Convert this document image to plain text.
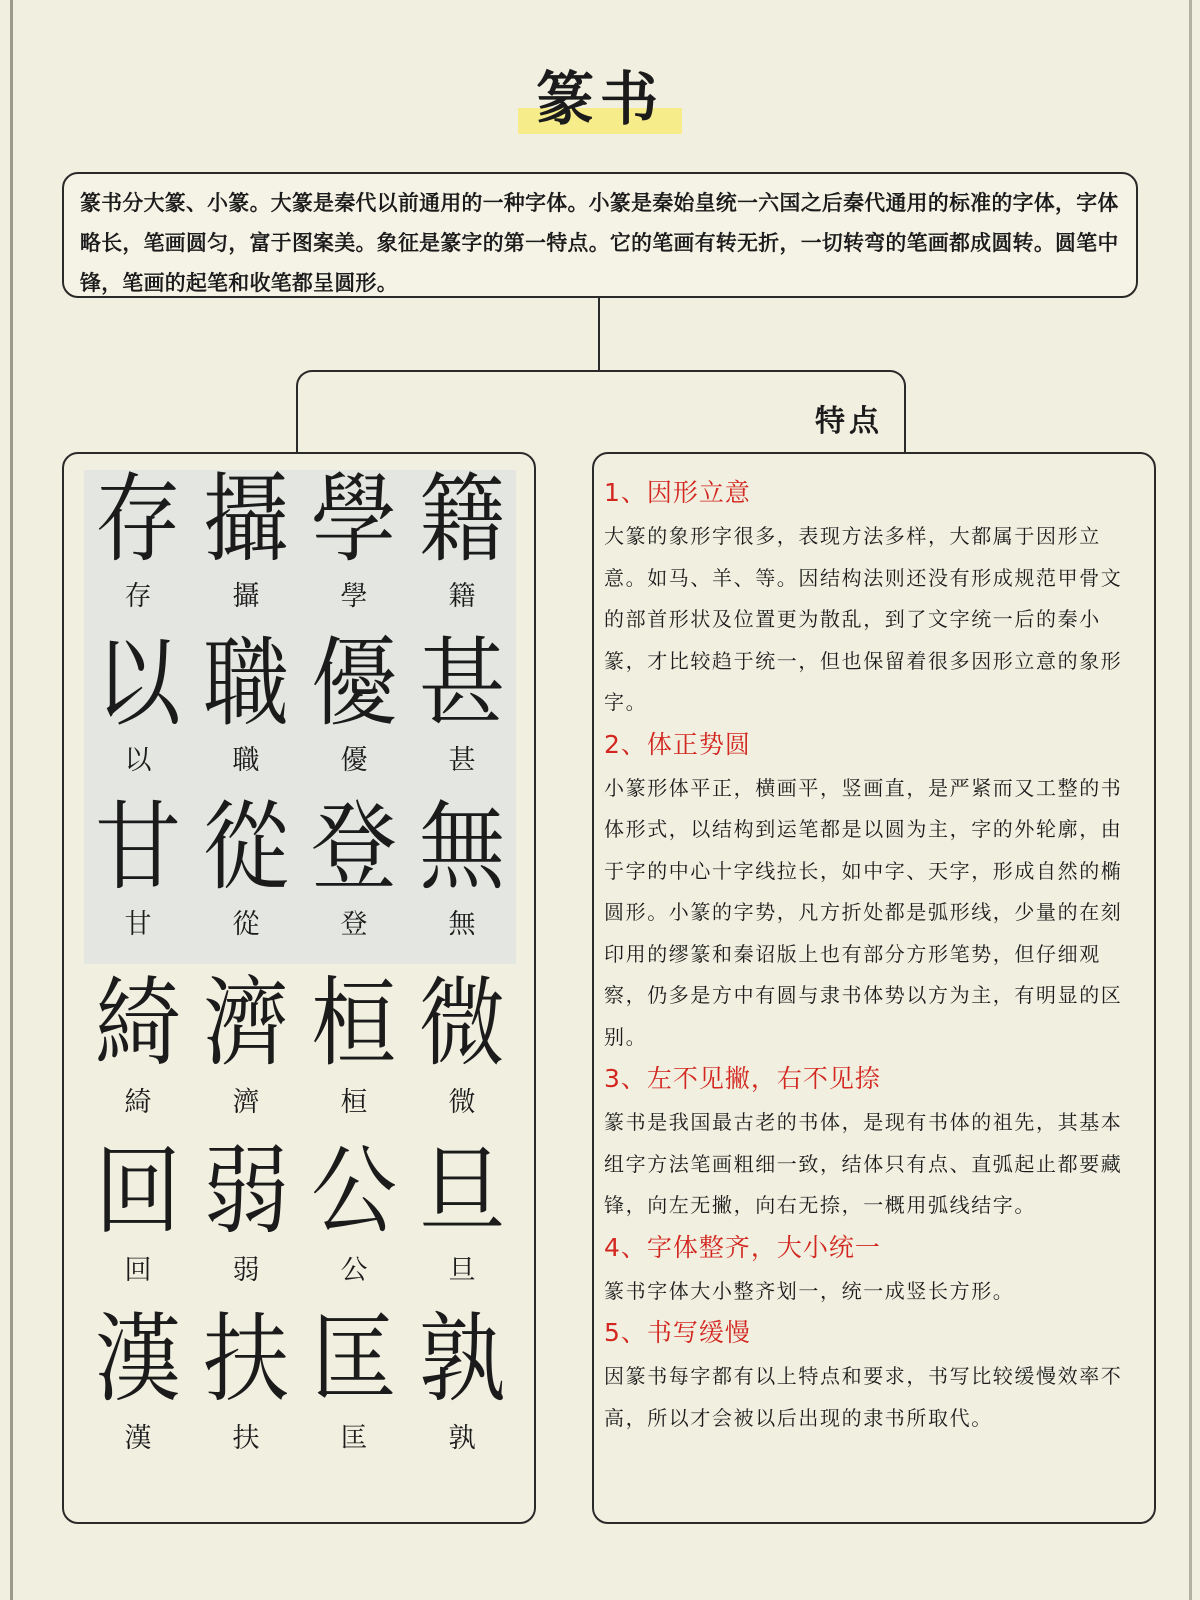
篆书

篆书分大篆、小篆。大篆是秦代以前通用的一种字体。小篆是秦始皇统一六国之后秦代通用的标准的字体，字体略长，笔画圆匀，富于图案美。象征是篆字的第一特点。它的笔画有转无折，一切转弯的笔画都成圆转。圆笔中锋，笔画的起笔和收笔都呈圆形。

特点
存
存
攝
攝
學
學
籍
籍
以
以
職
職
優
優
甚
甚
甘
甘
從
從
登
登
無
無
綺
綺
濟
濟
桓
桓
微
微
回
回
弱
弱
公
公
旦
旦
漢
漢
扶
扶
匡
匡
孰
孰

1、因形立意

大篆的象形字很多，表现方法多样，大都属于因形立意。如马、羊、等。因结构法则还没有形成规范甲骨文的部首形状及位置更为散乱，到了文字统一后的秦小篆，才比较趋于统一，但也保留着很多因形立意的象形字。

2、体正势圆

小篆形体平正，横画平，竖画直，是严紧而又工整的书体形式，以结构到运笔都是以圆为主，字的外轮廓，由于字的中心十字线拉长，如中字、天字，形成自然的椭圆形。小篆的字势，凡方折处都是弧形线，少量的在刻印用的缪篆和秦诏版上也有部分方形笔势，但仔细观察，仍多是方中有圆与隶书体势以方为主，有明显的区别。

3、左不见撇，右不见捺

篆书是我国最古老的书体，是现有书体的祖先，其基本组字方法笔画粗细一致，结体只有点、直弧起止都要藏锋，向左无撇，向右无捺，一概用弧线结字。

4、字体整齐，大小统一

篆书字体大小整齐划一，统一成竖长方形。

5、书写缓慢

因篆书每字都有以上特点和要求，书写比较缓慢效率不高，所以才会被以后出现的隶书所取代。
